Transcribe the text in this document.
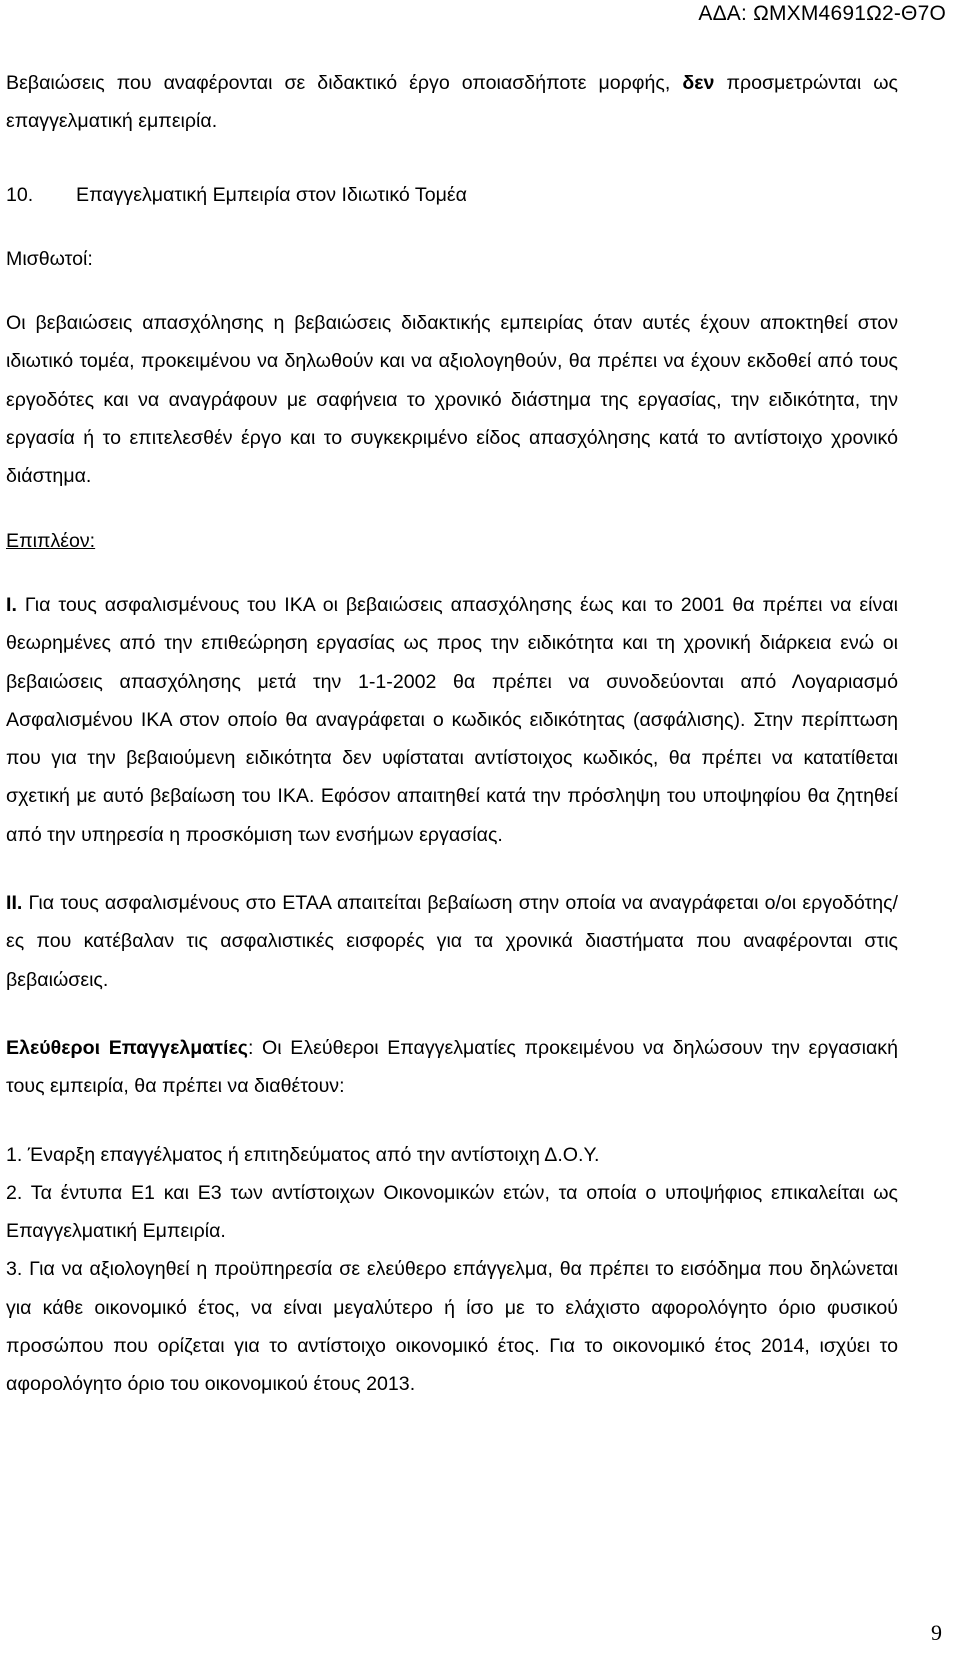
ΑΔΑ: ΩΜΧΜ4691Ω2-Θ7Ο

Βεβαιώσεις που αναφέρονται σε διδακτικό έργο οποιασδήποτε μορφής, δεν προσμετρώνται ως επαγγελματική εμπειρία.

10.	Επαγγελματική Εμπειρία στον Ιδιωτικό Τομέα

Μισθωτοί:

Οι βεβαιώσεις απασχόλησης η βεβαιώσεις διδακτικής εμπειρίας όταν αυτές έχουν αποκτηθεί στον ιδιωτικό τομέα, προκειμένου να δηλωθούν και να αξιολογηθούν, θα πρέπει να έχουν εκδοθεί από τους εργοδότες και να αναγράφουν με σαφήνεια το χρονικό διάστημα της εργασίας, την ειδικότητα, την εργασία ή το επιτελεσθέν έργο και το συγκεκριμένο είδος απασχόλησης κατά το αντίστοιχο χρονικό διάστημα.

Επιπλέον:

I. Για τους ασφαλισμένους του ΙΚΑ οι βεβαιώσεις απασχόλησης έως και το 2001 θα πρέπει να είναι θεωρημένες από την επιθεώρηση εργασίας ως προς την ειδικότητα και τη χρονική διάρκεια ενώ οι βεβαιώσεις απασχόλησης μετά την 1-1-2002 θα πρέπει να συνοδεύονται από Λογαριασμό Ασφαλισμένου ΙΚΑ στον οποίο θα αναγράφεται ο κωδικός ειδικότητας (ασφάλισης). Στην περίπτωση που για την βεβαιούμενη ειδικότητα δεν υφίσταται αντίστοιχος κωδικός, θα πρέπει να κατατίθεται σχετική με αυτό βεβαίωση του ΙΚΑ. Εφόσον απαιτηθεί κατά την πρόσληψη του υποψηφίου θα ζητηθεί από την υπηρεσία η προσκόμιση των ενσήμων εργασίας.

II. Για τους ασφαλισμένους στο ΕΤΑΑ απαιτείται βεβαίωση στην οποία να αναγράφεται ο/οι εργοδότης/ες που κατέβαλαν τις ασφαλιστικές εισφορές για τα χρονικά διαστήματα που αναφέρονται στις βεβαιώσεις.

Ελεύθεροι Επαγγελματίες: Οι Ελεύθεροι Επαγγελματίες προκειμένου να δηλώσουν την εργασιακή τους εμπειρία, θα πρέπει να διαθέτουν:

1. Έναρξη επαγγέλματος ή επιτηδεύματος από την αντίστοιχη Δ.Ο.Υ.

2. Τα έντυπα Ε1 και Ε3 των αντίστοιχων Οικονομικών ετών, τα οποία ο υποψήφιος επικαλείται ως Επαγγελματική Εμπειρία.

3. Για να αξιολογηθεί η προϋπηρεσία σε ελεύθερο επάγγελμα, θα πρέπει το εισόδημα που δηλώνεται για κάθε οικονομικό έτος, να είναι μεγαλύτερο ή ίσο με το ελάχιστο αφορολόγητο όριο φυσικού προσώπου που ορίζεται για το αντίστοιχο οικονομικό έτος. Για το οικονομικό έτος 2014, ισχύει το αφορολόγητο όριο του οικονομικού έτους 2013.

9
